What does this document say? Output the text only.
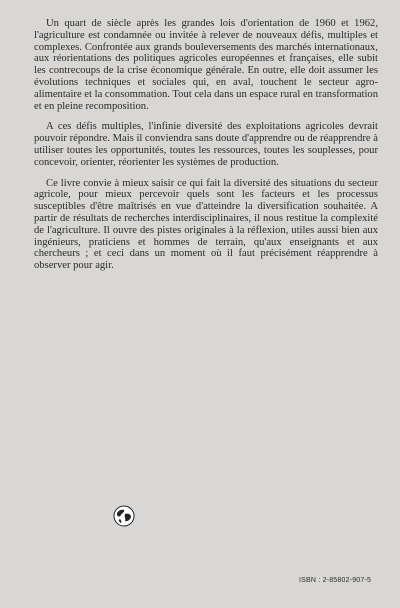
Un quart de siècle après les grandes lois d'orientation de 1960 et 1962, l'agriculture est condamnée ou invitée à relever de nouveaux défis, multiples et complexes. Confrontée aux grands bouleversements des marchés internationaux, aux réorientations des politiques agricoles européennes et françaises, elle subit les contrecoups de la crise économique générale. En outre, elle doit assumer les évolutions techniques et sociales qui, en aval, touchent le secteur agro-alimentaire et la consommation. Tout cela dans un espace rural en transformation et en pleine recomposition.

A ces défis multiples, l'infinie diversité des exploitations agricoles devrait pouvoir répondre. Mais il conviendra sans doute d'apprendre ou de réapprendre à utiliser toutes les opportunités, toutes les ressources, toutes les souplesses, pour concevoir, orienter, réorienter les systèmes de production.

Ce livre convie à mieux saisir ce qui fait la diversité des situations du secteur agricole, pour mieux percevoir quels sont les facteurs et les processus susceptibles d'être maîtrisés en vue d'atteindre la diversification souhaitée. A partir de résultats de recherches interdisciplinaires, il nous restitue la complexité de l'agriculture. Il ouvre des pistes originales à la réflexion, utiles aussi bien aux ingénieurs, praticiens et hommes de terrain, qu'aux enseignants et aux chercheurs ; et ceci dans un moment où il faut précisément réapprendre à observer pour agir.

ISBN : 2-85802-907-5
